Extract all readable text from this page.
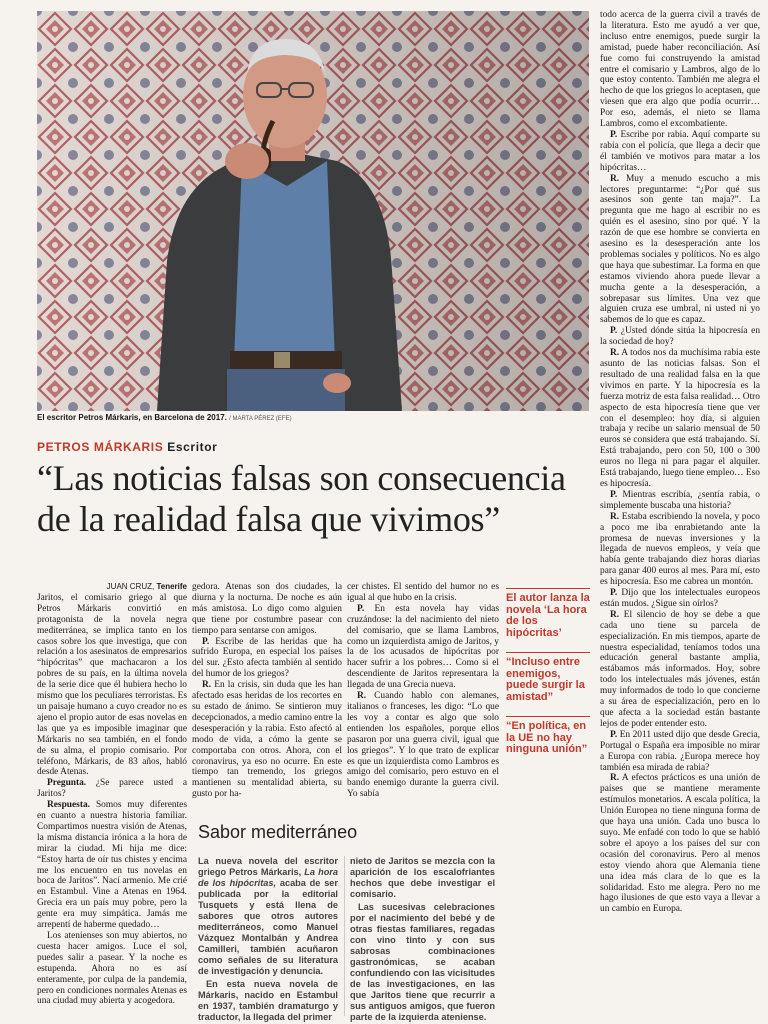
El escritor Petros Márkaris, en Barcelona de 2017. / MARTA PÉREZ (EFE)
PETROS MÁRKARIS Escritor
“Las noticias falsas son consecuencia de la realidad falsa que vivimos”
JUAN CRUZ, Tenerife

Jaritos, el comisario griego al que Petros Márkaris convirtió en protagonista de la novela negra mediterránea, se implica tanto en los casos sobre los que investiga, que con relación a los asesinatos de empresarios “hipócritas” que machacaron a los pobres de su país, en la última novela de la serie dice que él hubiera hecho lo mismo que los peculiares terroristas. Es un paisaje humano a cuyo creador no es ajeno el propio autor de esas novelas en las que ya es imposible imaginar que Márkaris no sea también, en el fondo de su alma, el propio comisario. Por teléfono, Márkaris, de 83 años, habló desde Atenas.

Pregunta. ¿Se parece usted a Jaritos?

Respuesta. Somos muy diferentes en cuanto a nuestra historia familiar. Compartimos nuestra visión de Atenas, la misma distancia irónica a la hora de mirar la ciudad. Mi hija me dice: “Estoy harta de oír tus chistes y encima me los encuentro en tus novelas en boca de Jaritos”. Nací armenio. Me crié en Estambul. Vine a Atenas en 1964. Grecia era un país muy pobre, pero la gente era muy simpática. Jamás me arrepentí de haberme quedado…

Los atenienses son muy abiertos, no cuesta hacer amigos. Luce el sol, puedes salir a pasear. Y la noche es estupenda. Ahora no es así enteramente, por culpa de la pandemia, pero en condiciones normales Atenas es una ciudad muy abierta y acogedora.

gedora. Atenas son dos ciudades, la diurna y la nocturna. De noche es aún más amistosa. Lo digo como alguien que tiene por costumbre pasear con tiempo para sentarse con amigos.

P. Escribe de las heridas que ha sufrido Europa, en especial los países del sur. ¿Esto afecta también al sentido del humor de los griegos?

R. En la crisis, sin duda que les han afectado esas heridas de los recortes en su estado de ánimo. Se sintieron muy decepcionados, a medio camino entre la desesperación y la rabia. Esto afectó al modo de vida, a cómo la gente se comportaba con otros. Ahora, con el coronavirus, ya eso no ocurre. En este tiempo tan tremendo, los griegos mantienen su mentalidad abierta, su gusto por ha-

cer chistes. El sentido del humor no es igual al que hubo en la crisis.

P. En esta novela hay vidas cruzándose: la del nacimiento del nieto del comisario, que se llama Lambros, como un izquierdista amigo de Jaritos, y la de los acusados de hipócritas por hacer sufrir a los pobres… Como si el descendiente de Jaritos representara la llegada de una Grecia nueva.

R. Cuando hablo con alemanes, italianos o franceses, les digo: “Lo que les voy a contar es algo que solo entienden los españoles, porque ellos pasaron por una guerra civil, igual que los griegos”. Y lo que trato de explicar es que un izquierdista como Lambros es amigo del comisario, pero estuvo en el bando enemigo durante la guerra civil. Yo sabía

El autor lanza la novela ‘La hora de los hipócritas’
“Incluso entre enemigos, puede surgir la amistad”
“En política, en la UE no hay ninguna unión”

todo acerca de la guerra civil a través de la literatura. Esto me ayudó a ver que, incluso entre enemigos, puede surgir la amistad, puede haber reconciliación. Así fue como fui construyendo la amistad entre el comisario y Lambros, algo de lo que estoy contento. También me alegra el hecho de que los griegos lo aceptasen, que viesen que era algo que podía ocurrir… Por eso, además, el nieto se llama Lambros, como el excombatiente.

P. Escribe por rabia. Aquí comparte su rabia con el policía, que llega a decir que él también ve motivos para matar a los hipócritas…

R. Muy a menudo escucho a mis lectores preguntarme: “¿Por qué sus asesinos son gente tan maja?”. La pregunta que me hago al escribir no es quién es el asesino, sino por qué. Y la razón de que ese hombre se convierta en asesino es la desesperación ante los problemas sociales y políticos. No es algo que haya que subestimar. La forma en que estamos viviendo ahora puede llevar a mucha gente a la desesperación, a sobrepasar sus límites. Una vez que alguien cruza ese umbral, ni usted ni yo sabemos de lo que es capaz.

P. ¿Usted dónde sitúa la hipocresía en la sociedad de hoy?

R. A todos nos da muchísima rabia este asunto de las noticias falsas. Son el resultado de una realidad falsa en la que vivimos en parte. Y la hipocresía es la fuerza motriz de esta falsa realidad… Otro aspecto de esta hipocresía tiene que ver con el desempleo: hoy día, si alguien trabaja y recibe un salario mensual de 50 euros se considera que está trabajando. Sí. Está trabajando, pero con 50, 100 o 300 euros no llega ni para pagar el alquiler. Está trabajando, luego tiene empleo… Eso es hipocresía.

P. Mientras escribía, ¿sentía rabia, o simplemente buscaba una historia?

R. Estaba escribiendo la novela, y poco a poco me iba enrabietando ante la promesa de nuevas inversiones y la llegada de nuevos empleos, y veía que había gente trabajando diez horas diarias para ganar 400 euros al mes. Para mí, esto es hipocresía. Eso me cabrea un montón.

P. Dijo que los intelectuales europeos están mudos. ¿Sigue sin oírlos?

R. El silencio de hoy se debe a que cada uno tiene su parcela de especialización. En mis tiempos, aparte de nuestra especialidad, teníamos todos una educación general bastante amplia, estábamos más informados. Hoy, sobre todo los intelectuales más jóvenes, están muy informados de todo lo que concierne a su área de especialización, pero en lo que afecta a la sociedad están bastante lejos de poder entender esto.

P. En 2011 usted dijo que desde Grecia, Portugal o España era imposible no mirar a Europa con rabia. ¿Europa merece hoy también esa mirada de rabia?

R. A efectos prácticos es una unión de países que se mantiene meramente estímulos monetarios. A escala política, la Unión Europea no tiene ninguna forma de que haya una unión. Cada uno busca lo suyo. Me enfadé con todo lo que se habló sobre el apoyo a los países del sur con ocasión del coronavirus. Pero al menos estoy viendo ahora que Alemania tiene una idea más clara de lo que es la solidaridad. Esto me alegra. Pero no me hago ilusiones de que esto vaya a llevar a un cambio en Europa.

Sabor mediterráneo

La nueva novela del escritor griego Petros Márkaris, La hora de los hipócritas, acaba de ser publicada por la editorial Tusquets y está llena de sabores que otros autores mediterráneos, como Manuel Vázquez Montalbán y Andrea Camilleri, también acuñaron como señales de su literatura de investigación y denuncia.

En esta nueva novela de Márkaris, nacido en Estambul en 1937, también dramaturgo y traductor, la llegada del primer

nieto de Jaritos se mezcla con la aparición de los escalofriantes hechos que debe investigar el comisario.

Las sucesivas celebraciones por el nacimiento del bebé y de otras fiestas familiares, regadas con vino tinto y con sus sabrosas combinaciones gastronómicas, se acaban confundiendo con las vicisitudes de las investigaciones, en las que Jaritos tiene que recurrir a sus antiguos amigos, que fueron parte de la izquierda ateniense.
